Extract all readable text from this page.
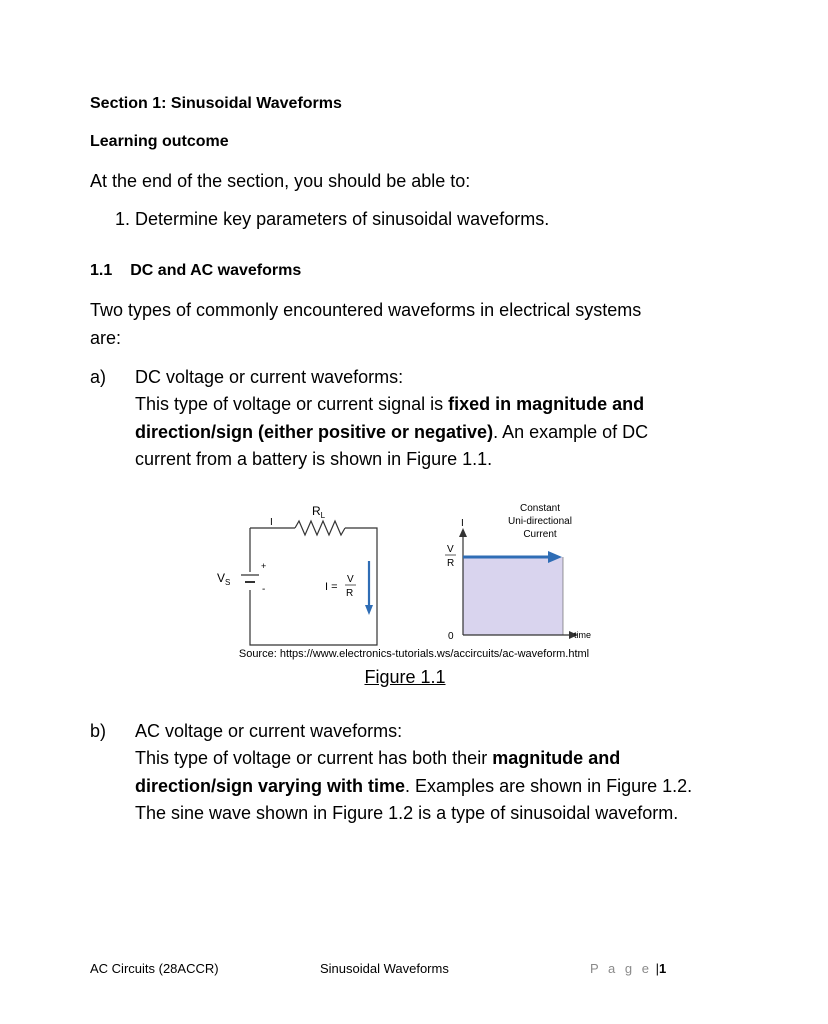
Section 1: Sinusoidal Waveforms
Learning outcome
At the end of the section, you should be able to:
1. Determine key parameters of sinusoidal waveforms.
1.1 DC and AC waveforms
Two types of commonly encountered waveforms in electrical systems
are:
a) DC voltage or current waveforms:
This type of voltage or current signal is fixed in magnitude and direction/sign (either positive or negative). An example of DC current from a battery is shown in Figure 1.1.
$R_L$
I
+
-
$V_S$	I =
V
R
I
V
R
0	time
Constant
Uni-directional
Current
Source: https://www.electronics-tutorials.ws/accircuits/ac-waveform.html
Figure 1.1
b) AC voltage or current waveforms:
This type of voltage or current has both their magnitude and direction/sign varying with time. Examples are shown in Figure 1.2. The sine wave shown in Figure 1.2 is a type of sinusoidal waveform.
AC Circuits (28ACCR)	Sinusoidal Waveforms	P a g e |1
